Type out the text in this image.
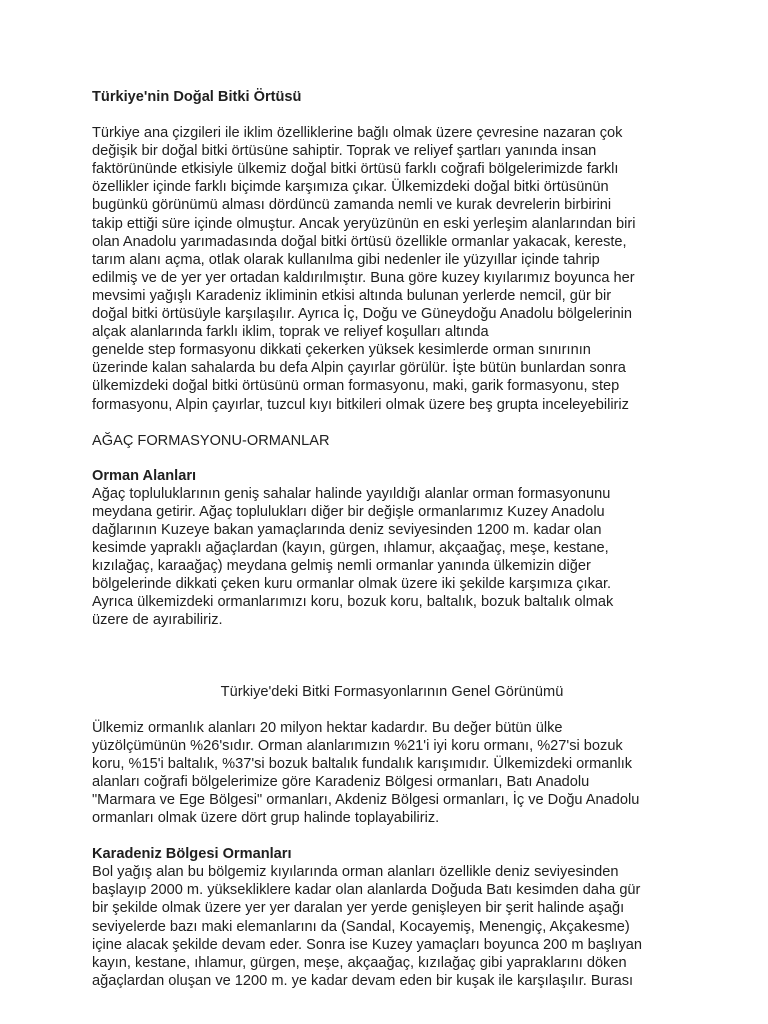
Türkiye'nin Doğal Bitki Örtüsü

Türkiye ana çizgileri ile iklim özelliklerine bağlı olmak üzere çevresine nazaran çok
değişik bir doğal bitki örtüsüne sahiptir. Toprak ve reliyef şartları yanında insan
faktörününde etkisiyle ülkemiz doğal bitki örtüsü farklı coğrafi bölgelerimizde farklı
özellikler içinde farklı biçimde karşımıza çıkar. Ülkemizdeki doğal bitki örtüsünün
bugünkü görünümü alması dördüncü zamanda nemli ve kurak devrelerin birbirini
takip ettiği süre içinde olmuştur. Ancak yeryüzünün en eski yerleşim alanlarından biri
olan Anadolu yarımadasında doğal bitki örtüsü özellikle ormanlar yakacak, kereste,
tarım alanı açma, otlak olarak kullanılma gibi nedenler ile yüzyıllar içinde tahrip
edilmiş ve de yer yer ortadan kaldırılmıştır. Buna göre kuzey kıyılarımız boyunca her
mevsimi yağışlı Karadeniz ikliminin etkisi altında bulunan yerlerde nemcil, gür bir
doğal bitki örtüsüyle karşılaşılır. Ayrıca İç, Doğu ve Güneydoğu Anadolu bölgelerinin
alçak alanlarında farklı iklim, toprak ve reliyef koşulları altında
genelde step formasyonu dikkati çekerken yüksek kesimlerde orman sınırının
üzerinde kalan sahalarda bu defa Alpin çayırlar görülür. İşte bütün bunlardan sonra
ülkemizdeki doğal bitki örtüsünü orman formasyonu, maki, garik formasyonu, step
formasyonu, Alpin çayırlar, tuzcul kıyı bitkileri olmak üzere beş grupta inceleyebiliriz

AĞAÇ FORMASYONU-ORMANLAR

Orman Alanları

Ağaç topluluklarının geniş sahalar halinde yayıldığı alanlar orman formasyonunu
meydana getirir. Ağaç toplulukları diğer bir değişle ormanlarımız Kuzey Anadolu
dağlarının Kuzeye bakan yamaçlarında deniz seviyesinden 1200 m. kadar olan
kesimde yapraklı ağaçlardan (kayın, gürgen, ıhlamur, akçaağaç, meşe, kestane,
kızılağaç, karaağaç) meydana gelmiş nemli ormanlar yanında ülkemizin diğer
bölgelerinde dikkati çeken kuru ormanlar olmak üzere iki şekilde karşımıza çıkar.
Ayrıca ülkemizdeki ormanlarımızı koru, bozuk koru, baltalık, bozuk baltalık olmak
üzere de ayırabiliriz.

Türkiye'deki Bitki Formasyonlarının Genel Görünümü

Ülkemiz ormanlık alanları 20 milyon hektar kadardır. Bu değer bütün ülke
yüzölçümünün %26'sıdır. Orman alanlarımızın %21'i iyi koru ormanı, %27'si bozuk
koru, %15'i baltalık, %37'si bozuk baltalık fundalık karışımıdır. Ülkemizdeki ormanlık
alanları coğrafi bölgelerimize göre Karadeniz Bölgesi ormanları, Batı Anadolu
"Marmara ve Ege Bölgesi" ormanları, Akdeniz Bölgesi ormanları, İç ve Doğu Anadolu
ormanları olmak üzere dört grup halinde toplayabiliriz.

Karadeniz Bölgesi Ormanları

Bol yağış alan bu bölgemiz kıyılarında orman alanları özellikle deniz seviyesinden
başlayıp 2000 m. yüksekliklere kadar olan alanlarda Doğuda Batı kesimden daha gür
bir şekilde olmak üzere yer yer daralan yer yerde genişleyen bir şerit halinde aşağı
seviyelerde bazı maki elemanlarını da (Sandal, Kocayemiş, Menengiç, Akçakesme)
içine alacak şekilde devam eder. Sonra ise Kuzey yamaçları boyunca 200 m başlıyan
kayın, kestane, ıhlamur, gürgen, meşe, akçaağaç, kızılağaç gibi yapraklarını döken
ağaçlardan oluşan ve 1200 m. ye kadar devam eden bir kuşak ile karşılaşılır. Burası
